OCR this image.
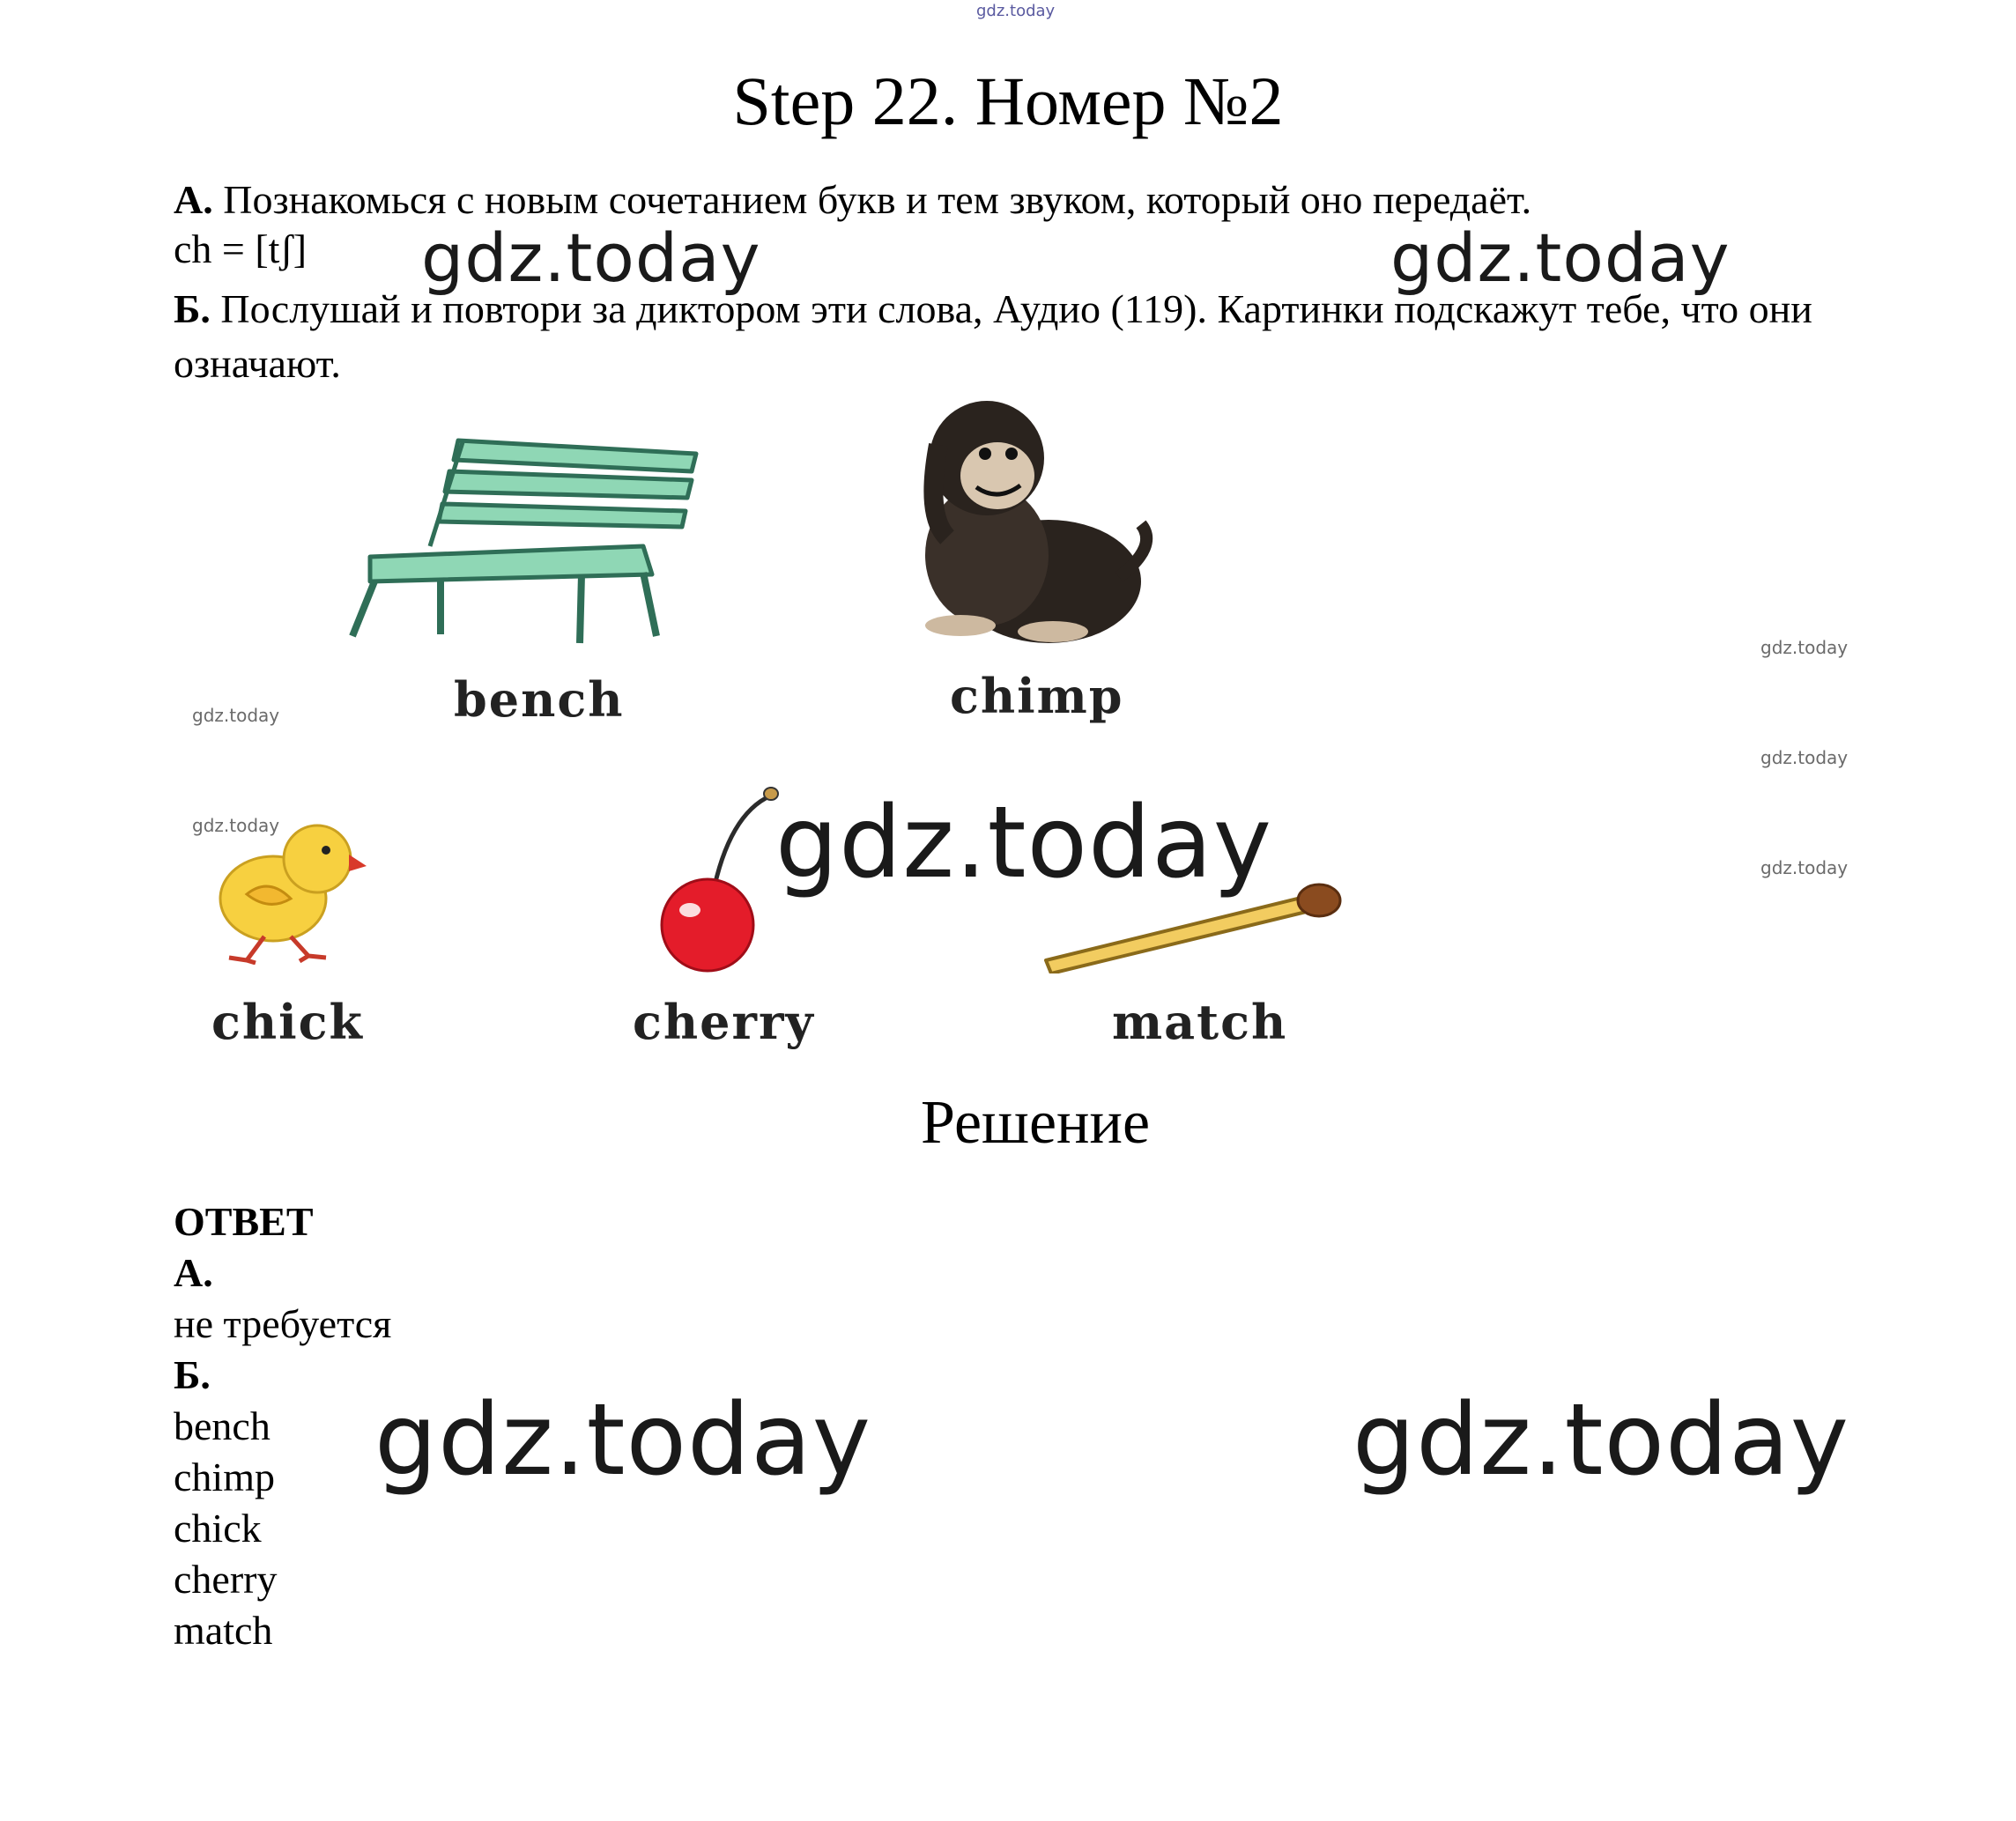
gdz.today
Step 22. Номер №2
А. Познакомься с новым сочетанием букв и тем звуком, который оно передаёт.
ch = [tʃ]
Б. Послушай и повтори за диктором эти слова, Аудио (119). Картинки подскажут тебе, что они означают.
gdz.today	gdz.today
gdz.today
gdz.today
gdz.today
gdz.today
gdz.today
bench	chimp
chick	cherry	match
gdz.today
Решение
ОТВЕТ
А.
не требуется
Б.
bench
chimp
chick
cherry
match
gdz.today	gdz.today
